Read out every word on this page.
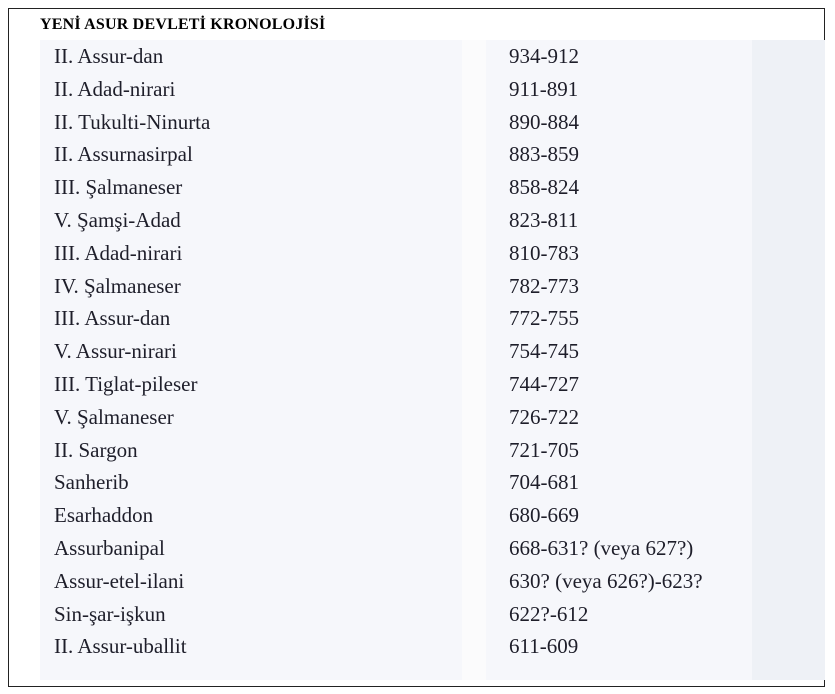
YENİ ASUR DEVLETİ KRONOLOJİSİ
II. Assur-dan	934-912
II. Adad-nirari	911-891
II. Tukulti-Ninurta	890-884
II. Assurnasirpal	883-859
III. Şalmaneser	858-824
V. Şamşi-Adad	823-811
III. Adad-nirari	810-783
IV. Şalmaneser	782-773
III. Assur-dan	772-755
V. Assur-nirari	754-745
III. Tiglat-pileser	744-727
V. Şalmaneser	726-722
II. Sargon	721-705
Sanherib	704-681
Esarhaddon	680-669
Assurbanipal	668-631? (veya 627?)
Assur-etel-ilani	630? (veya 626?)-623?
Sin-şar-işkun	622?-612
II. Assur-uballit	611-609
